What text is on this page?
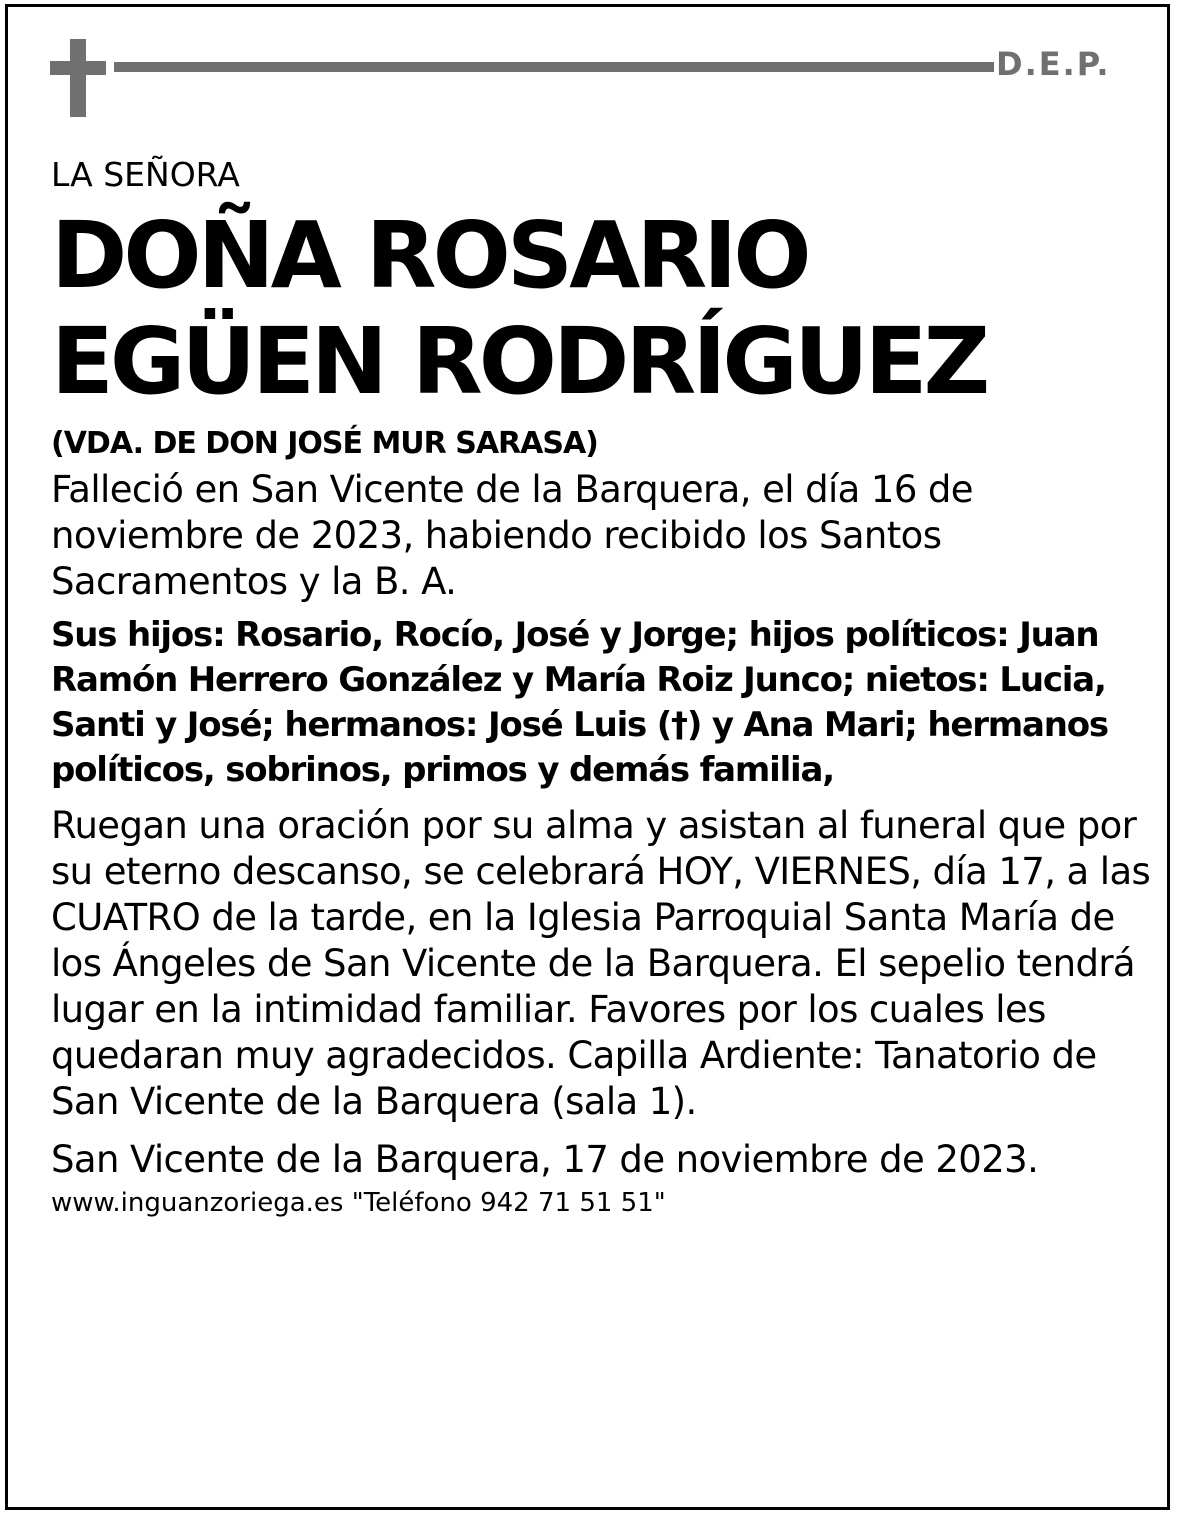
D.E.P.

LA SEÑORA

DOÑA ROSARIO
EGÜEN RODRÍGUEZ

(VDA. DE DON JOSÉ MUR SARASA)

Falleció en San Vicente de la Barquera, el día 16 de noviembre de 2023, habiendo recibido los Santos Sacramentos y la B. A.

Sus hijos: Rosario, Rocío, José y Jorge; hijos políticos: Juan Ramón Herrero González y María Roiz Junco; nietos: Lucia, Santi y José; hermanos: José Luis (†) y Ana Mari; hermanos políticos, sobrinos, primos y demás familia,

Ruegan una oración por su alma y asistan al funeral que por su eterno descanso, se celebrará HOY, VIERNES, día 17, a las CUATRO de la tarde, en la Iglesia Parroquial Santa María de los Ángeles de San Vicente de la Barquera. El sepelio tendrá lugar en la intimidad familiar. Favores por los cuales les quedaran muy agradecidos. Capilla Ardiente: Tanatorio de San Vicente de la Barquera (sala 1).

San Vicente de la Barquera, 17 de noviembre de 2023.

www.inguanzoriega.es "Teléfono 942 71 51 51"
